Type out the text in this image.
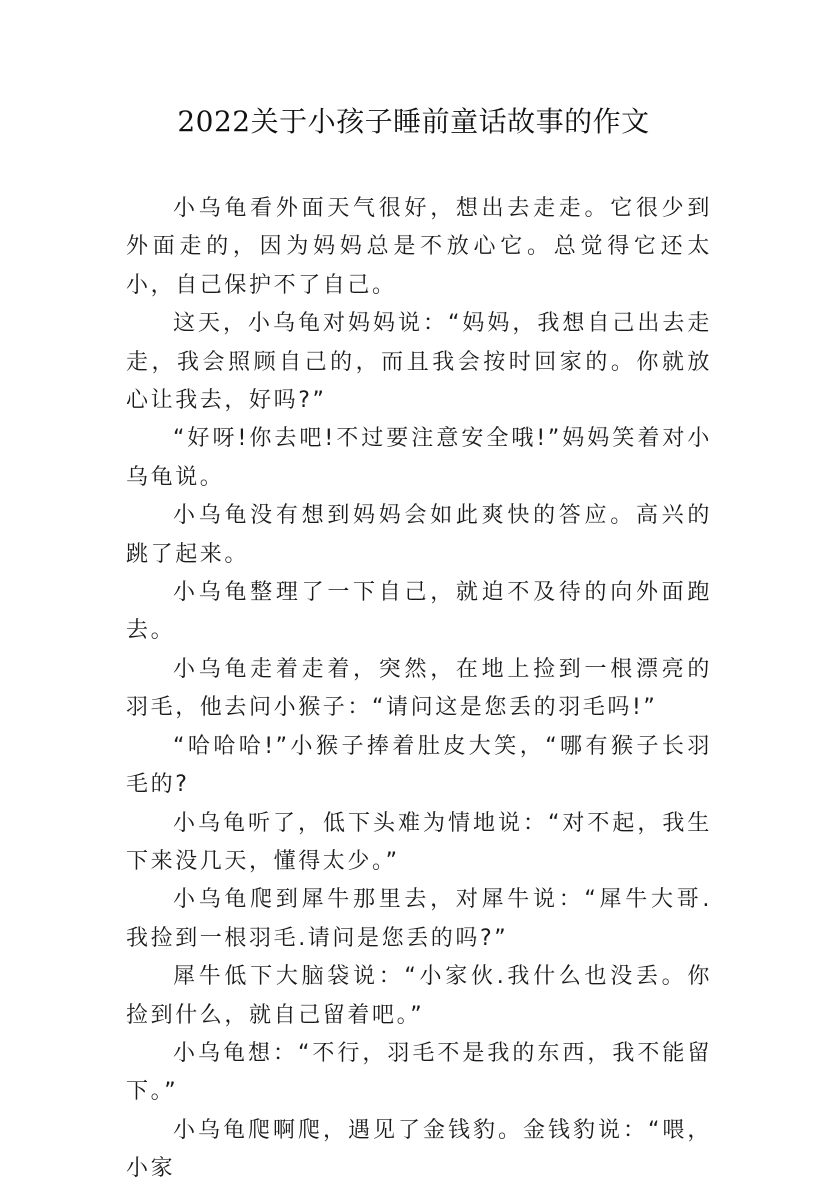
2022关于小孩子睡前童话故事的作文

小乌龟看外面天气很好，想出去走走。它很少到外面走的，因为妈妈总是不放心它。总觉得它还太小，自己保护不了自己。

这天，小乌龟对妈妈说：“妈妈，我想自己出去走走，我会照顾自己的，而且我会按时回家的。你就放心让我去，好吗?”

“好呀!你去吧!不过要注意安全哦!”妈妈笑着对小乌龟说。

小乌龟没有想到妈妈会如此爽快的答应。高兴的跳了起来。

小乌龟整理了一下自己，就迫不及待的向外面跑去。

小乌龟走着走着，突然，在地上捡到一根漂亮的羽毛，他去问小猴子：“请问这是您丢的羽毛吗!”

“哈哈哈!”小猴子捧着肚皮大笑，“哪有猴子长羽毛的?

小乌龟听了，低下头难为情地说：“对不起，我生下来没几天，懂得太少。”

小乌龟爬到犀牛那里去，对犀牛说：“犀牛大哥.我捡到一根羽毛.请问是您丢的吗?”

犀牛低下大脑袋说：“小家伙.我什么也没丢。你捡到什么，就自己留着吧。”

小乌龟想：“不行，羽毛不是我的东西，我不能留下。”

小乌龟爬啊爬，遇见了金钱豹。金钱豹说：“喂，小家
